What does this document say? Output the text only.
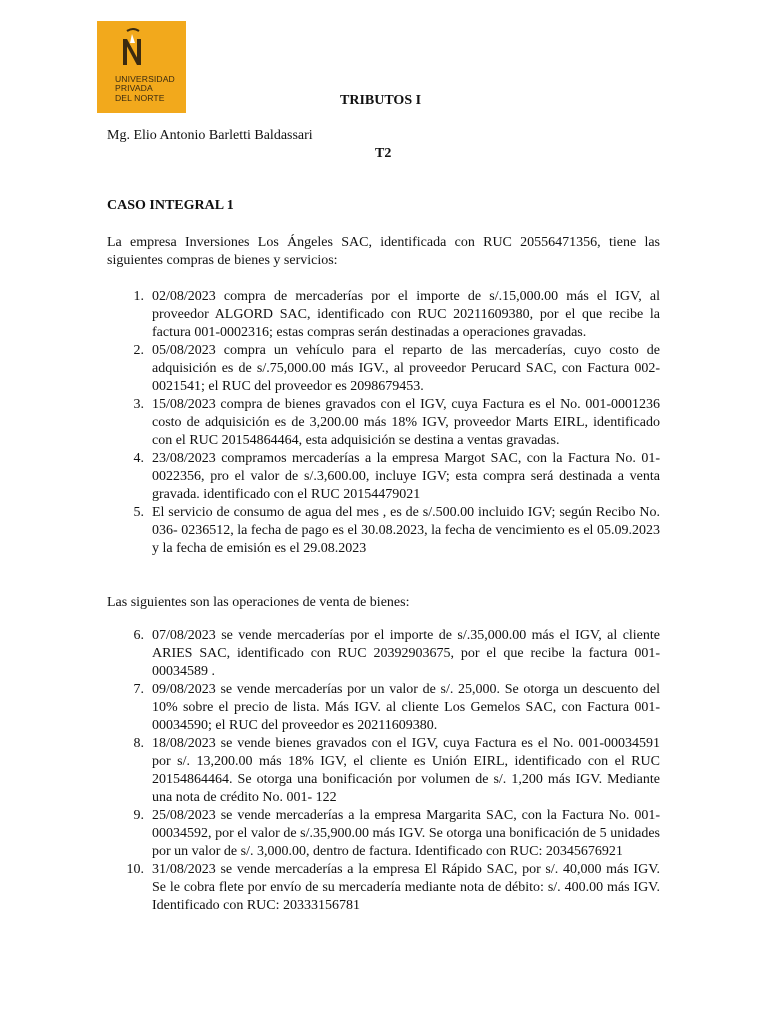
UNIVERSIDAD
PRIVADA
DEL NORTE	TRIBUTOS I
Mg. Elio Antonio Barletti Baldassari
T2
CASO INTEGRAL 1
La empresa Inversiones Los Ángeles SAC, identificada con RUC 20556471356, tiene las siguientes compras de bienes y servicios:
1. 02/08/2023 compra de mercaderías por el importe de s/.15,000.00 más el IGV, al proveedor ALGORD SAC, identificado con RUC 20211609380, por el que recibe la factura 001-0002316; estas compras serán destinadas a operaciones gravadas.
2. 05/08/2023 compra un vehículo para el reparto de las mercaderías, cuyo costo de adquisición es de s/.75,000.00 más IGV., al proveedor Perucard SAC, con Factura 002-0021541; el RUC del proveedor es 2098679453.
3. 15/08/2023 compra de bienes gravados con el IGV, cuya Factura es el No. 001-0001236 costo de adquisición es de 3,200.00 más 18% IGV, proveedor Marts EIRL, identificado con el RUC 20154864464, esta adquisición se destina a ventas gravadas.
4. 23/08/2023 compramos mercaderías a la empresa Margot SAC, con la Factura No. 01-0022356, pro el valor de s/.3,600.00, incluye IGV; esta compra será destinada a venta gravada. identificado con el RUC 20154479021
5. El servicio de consumo de agua del mes , es de s/.500.00 incluido IGV; según Recibo No. 036- 0236512, la fecha de pago es el 30.08.2023, la fecha de vencimiento es el 05.09.2023 y la fecha de emisión es el 29.08.2023
Las siguientes son las operaciones de venta de bienes:
6. 07/08/2023 se vende mercaderías por el importe de s/.35,000.00 más el IGV, al cliente ARIES SAC, identificado con RUC 20392903675, por el que recibe la factura 001-00034589 .
7. 09/08/2023 se vende mercaderías por un valor de s/. 25,000. Se otorga un descuento del 10% sobre el precio de lista. Más IGV. al cliente Los Gemelos SAC, con Factura 001-00034590; el RUC del proveedor es 20211609380.
8. 18/08/2023 se vende bienes gravados con el IGV, cuya Factura es el No. 001-00034591 por s/. 13,200.00 más 18% IGV, el cliente es Unión EIRL, identificado con el RUC 20154864464. Se otorga una bonificación por volumen de s/. 1,200 más IGV. Mediante una nota de crédito No. 001- 122
9. 25/08/2023 se vende mercaderías a la empresa Margarita SAC, con la Factura No. 001-00034592, por el valor de s/.35,900.00 más IGV. Se otorga una bonificación de 5 unidades por un valor de s/. 3,000.00, dentro de factura. Identificado con RUC: 20345676921
10. 31/08/2023 se vende mercaderías a la empresa El Rápido SAC, por s/. 40,000 más IGV. Se le cobra flete por envío de su mercadería mediante nota de débito: s/. 400.00 más IGV. Identificado con RUC: 20333156781
